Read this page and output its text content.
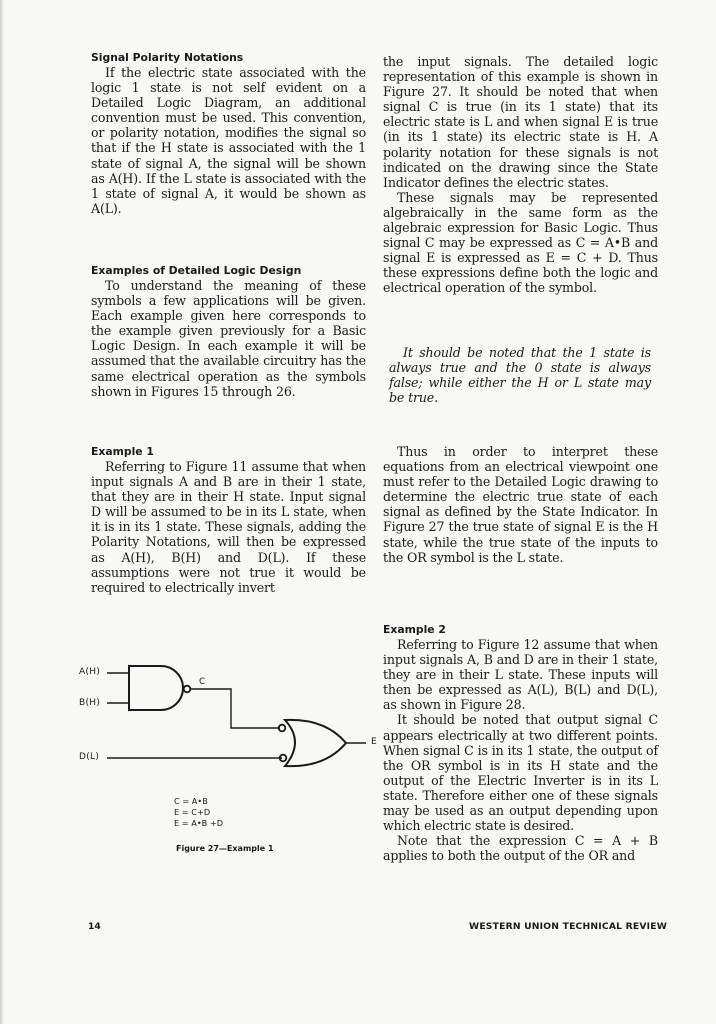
Signal Polarity Notations

If the electric state associated with the logic 1 state is not self evident on a Detailed Logic Diagram, an additional convention must be used. This convention, or polarity notation, modifies the signal so that if the H state is associated with the 1 state of signal A, the signal will be shown as A(H). If the L state is associated with the 1 state of signal A, it would be shown as A(L).

Examples of Detailed Logic Design

To understand the meaning of these symbols a few applications will be given. Each example given here corresponds to the example given previously for a Basic Logic Design. In each example it will be assumed that the available circuitry has the same electrical operation as the symbols shown in Figures 15 through 26.

Example 1

Referring to Figure 11 assume that when input signals A and B are in their 1 state, that they are in their H state. Input signal D will be assumed to be in its L state, when it is in its 1 state. These signals, adding the Polarity Notations, will then be expressed as A(H), B(H) and D(L). If these assumptions were not true it would be required to electrically invert

the input signals. The detailed logic representation of this example is shown in Figure 27. It should be noted that when signal C is true (in its 1 state) that its electric state is L and when signal E is true (in its 1 state) its electric state is H. A polarity notation for these signals is not indicated on the drawing since the State Indicator defines the electric states.

These signals may be represented algebraically in the same form as the algebraic expression for Basic Logic. Thus signal C may be expressed as C = A•B and signal E is expressed as E = C + D. Thus these expressions define both the logic and electrical operation of the symbol.

It should be noted that the 1 state is always true and the 0 state is always false; while either the H or L state may be true.

Thus in order to interpret these equations from an electrical viewpoint one must refer to the Detailed Logic drawing to determine the electric true state of each signal as defined by the State Indicator. In Figure 27 the true state of signal E is the H state, while the true state of the inputs to the OR symbol is the L state.

Example 2

Referring to Figure 12 assume that when input signals A, B and D are in their 1 state, they are in their L state. These inputs will then be expressed as A(L), B(L) and D(L), as shown in Figure 28.

It should be noted that output signal C appears electrically at two different points. When signal C is in its 1 state, the output of the OR symbol is in its H state and the output of the Electric Inverter is in its L state. Therefore either one of these signals may be used as an output depending upon which electric state is desired.

Note that the expression C = A + B applies to both the output of the OR and

A(H)
B(H)
C
D(L)
E
C = A•B
E = C+D
E = A•B +D
Figure 27—Example 1
14	WESTERN UNION TECHNICAL REVIEW
